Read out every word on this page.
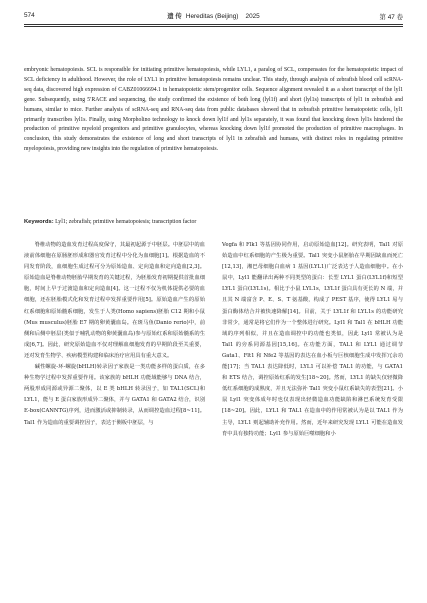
574	遗 传 Hereditas (Beijing) 2025	第 47 卷

embryonic hematopoiesis. SCL is responsible for initiating primitive hematopoiesis, while LYL1, a paralog of SCL, compensates for the hematopoietic impact of SCL deficiency in adulthood. However, the role of LYL1 in primitive hematopoiesis remains unclear. This study, through analysis of zebrafish blood cell scRNA-seq data, discovered high expression of CABZ01066694.1 in hematopoietic stem/progenitor cells. Sequence alignment revealed it as a short transcript of the lyl1 gene. Subsequently, using 5′RACE and sequencing, the study confirmed the existence of both long (lyl1f) and short (lyl1s) transcripts of lyl1 in zebrafish and humans, similar to mice. Further analysis of scRNA-seq and RNA-seq data from public databases showed that in zebrafish primitive hematopoietic cells, lyl1 primarily transcribes lyl1s. Finally, using Morpholino technology to knock down lyl1f and lyl1s separately, it was found that knocking down lyl1s hindered the production of primitive myeloid progenitors and primitive granulocytes, whereas knocking down lyl1f promoted the production of primitive macrophages. In conclusion, this study demonstrates the existence of long and short transcripts of lyl1 in zebrafish and humans, with distinct roles in regulating primitive myelopoiesis, providing new insights into the regulation of primitive hematopoiesis.

Keywords: Lyl1; zebrafish; primitive hematopoiesis; transcription factor

脊椎动物的造血发育过程高度保守，其最初起源于中胚层。中胚层中的血液前体细胞在原肠胚形成和器官发育过程中分化为血细胞[1]。根据造血的不同发育阶段，血细胞生成过程可分为原始造血、定向造血和定向造血[2,3]。原始造血是脊椎动物胚胎早期发育的关键过程，为胚胎发育初期提供首批血细胞，时间上早于过渡造血和定向造血[4]。这一过程不仅为机体提供必要的血细胞，还在胚胎模式化和发育过程中发挥重要作用[5]。原始造血产生的原始红系细胞和原始髓系细胞，发生于人类(Homo sapiens)胚胎 C12 期和小鼠(Mus musculus)胚胎 E7 期的卵黄囊血岛。在斑马鱼(Danio rerio)中，前侧和后侧中胚层(类似于哺乳动物的卵黄囊血岛)参与原始红系和原始髓系的生成[6,7]。因此，研究原始造血不仅对理解血细胞发育的早期阶段至关重要，还对发育生物学、疾病模型构建和临床治疗应用具有重大意义。

碱性螺旋-环-螺旋(bHLH)转录因子家族是一类功能多样的蛋白质，在多种生物学过程中发挥重要作用。该家族的 bHLH 功能域能够与 DNA 结合，两股形成同源或异源二聚体，以 E 类 bHLH 转录因子，如 TAL1(SCL)和 LYL1，能与 E 蛋白家族形成异二聚体，并与 GATA1 和 GATA2 结合，识别 E-box(CANNTG)序列，进而激活或抑制转录，从而调控造血过程[8~11]。Tal1 作为造血的重要调控因子，表达于侧板中胚层，与

Vegfa 和 Flk1 等基因协同作用，启动原始造血[12]。研究表明，Tal1 对原始造血中红系细胞的产生极为重要。Tal1 突变小鼠胚胎在早期因缺血而死亡[12,13]，湘巴母细胞白血病 1 基因(LYL1)广泛表达于人造血细胞中。在小鼠中，Lyl1 能翻译出两种不同类型的蛋白：长型 LYL1 蛋白(LYL1f)和短型 LYL1 蛋白(LYL1s)。相比于小鼠 LYL1s，LYL1f 蛋白具有更长的 N 端，并且其 N 端富含 P、E、S、T 氨基酸，构成了 PEST 基序，使得 LYL1 易与蛋白酶体结合并被快速降解[14]。目前，关于 LYL1f 和 LYL1s 的功能研究非常少，通常是将它们作为一个整体进行研究。Lyl1 和 Tal1 在 bHLH 功能域的序列相似，并且在造血调控中的功能也类似，因此 Lyl1 常被认为是 Tal1 的旁系同源基因[15,16]。在功能方面，TAL1 和 LYL1 通过调节 Gata1、Flt1 和 Nfe2 等基因的表达在血小板与巨核细胞生成中发挥冗余功能[17]；当 TAL1 表达降低时，LYL1 可以补偿 TAL1 的功能，与 GATA1 和 ETS 结合，调控原始红系的发生[18~20]。然而，LYL1 的缺失仅轻微降低红系细胞的成熟度，并且无法弥补 Tal1 突变小鼠红系缺失的表型[21]。小鼠 Lyl1 突变体成年时也仅表现出轻微造血功能缺陷和淋巴系统发育受限[18~20]。因此，LYL1 和 TAL1 在造血中的作用常被认为是以 TAL1 作为主导，LYL1 则起辅助补充作用。然而，近年来研究发现 LYL1 可能在造血发育中具有独特功能；Lyl1 参与原始巨噬细胞和小
